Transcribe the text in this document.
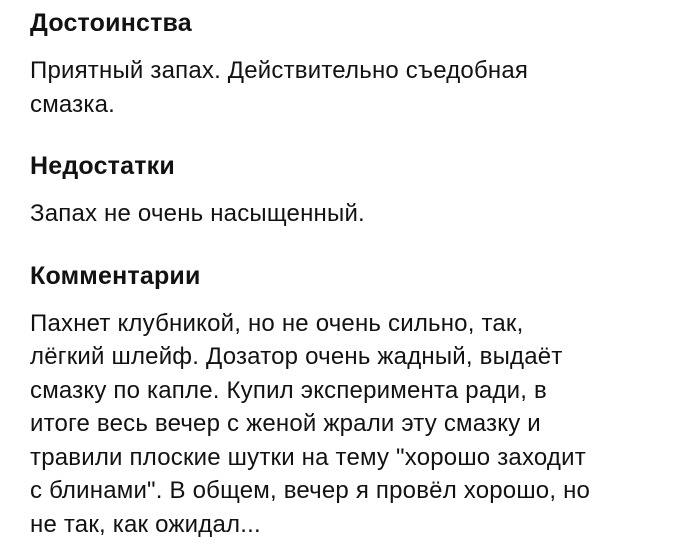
Достоинства

Приятный запах. Действительно съедобная
смазка.

Недостатки

Запах не очень насыщенный.

Комментарии

Пахнет клубникой, но не очень сильно, так,
лёгкий шлейф. Дозатор очень жадный, выдаёт
смазку по капле. Купил эксперимента ради, в
итоге весь вечер с женой жрали эту смазку и
травили плоские шутки на тему "хорошо заходит
с блинами". В общем, вечер я провёл хорошо, но
не так, как ожидал...
